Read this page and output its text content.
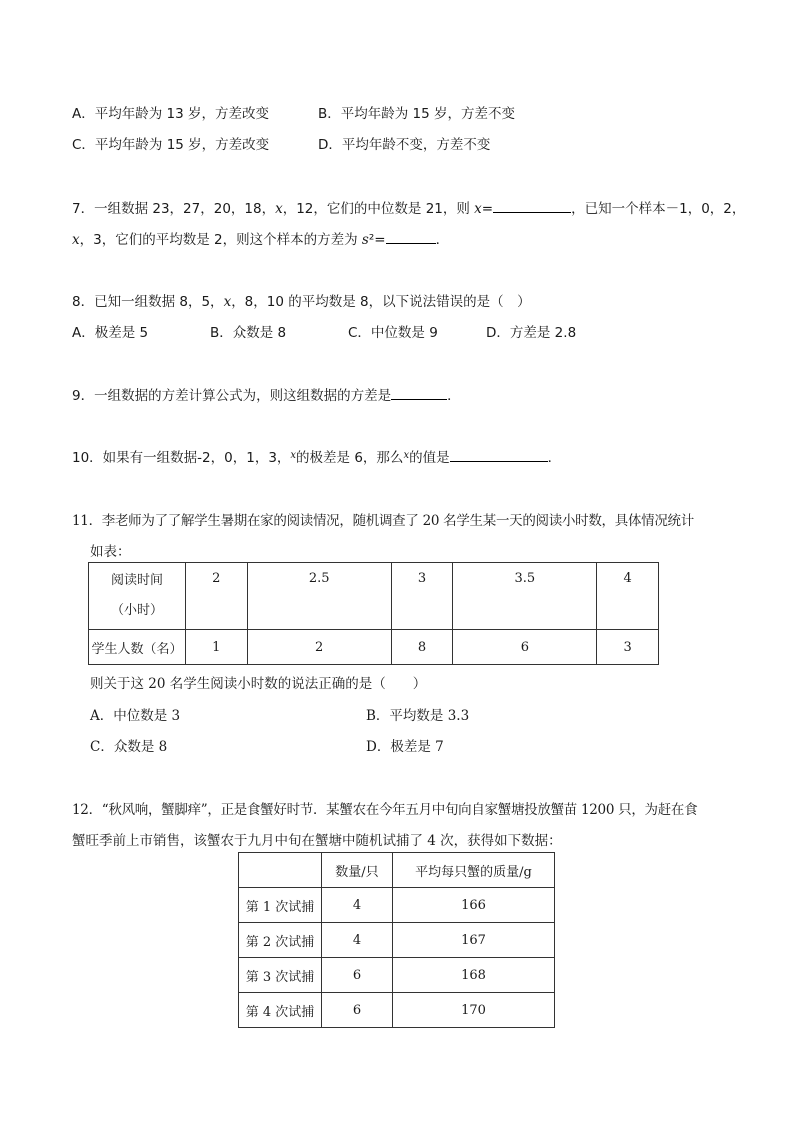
A．平均年龄为 13 岁，方差改变	B．平均年龄为 15 岁，方差不变
C．平均年龄为 15 岁，方差改变	D．平均年龄不变，方差不变
7．一组数据 23，27，20，18，x，12，它们的中位数是 21，则 x=	，已知一个样本－1，0，2，
x，3，它们的平均数是 2，则这个样本的方差为 s²=	．
8．已知一组数据 8，5，x，8，10 的平均数是 8，以下说法错误的是（　）
A．极差是 5	B．众数是 8	C．中位数是 9	D．方差是 2.8
9．一组数据的方差计算公式为，则这组数据的方差是	．
10．如果有一组数据-2，0，1，3，$^x$的极差是 6，那么$^x$的值是	．
11．李老师为了了解学生暑期在家的阅读情况，随机调查了 20 名学生某一天的阅读小时数，具体情况统计
如表：
阅读时间
（小时）	2	2.5	3	3.5	4
学生人数（名）	1	2	8	6	3
则关于这 20 名学生阅读小时数的说法正确的是（　　）
A．中位数是 3	B．平均数是 3.3
C．众数是 8	D．极差是 7
12．“秋风响，蟹脚痒”，正是食蟹好时节．某蟹农在今年五月中旬向自家蟹塘投放蟹苗 1200 只，为赶在食
蟹旺季前上市销售，该蟹农于九月中旬在蟹塘中随机试捕了 4 次，获得如下数据：
	数量/只	平均每只蟹的质量/g
第 1 次试捕	4	166
第 2 次试捕	4	167
第 3 次试捕	6	168
第 4 次试捕	6	170
